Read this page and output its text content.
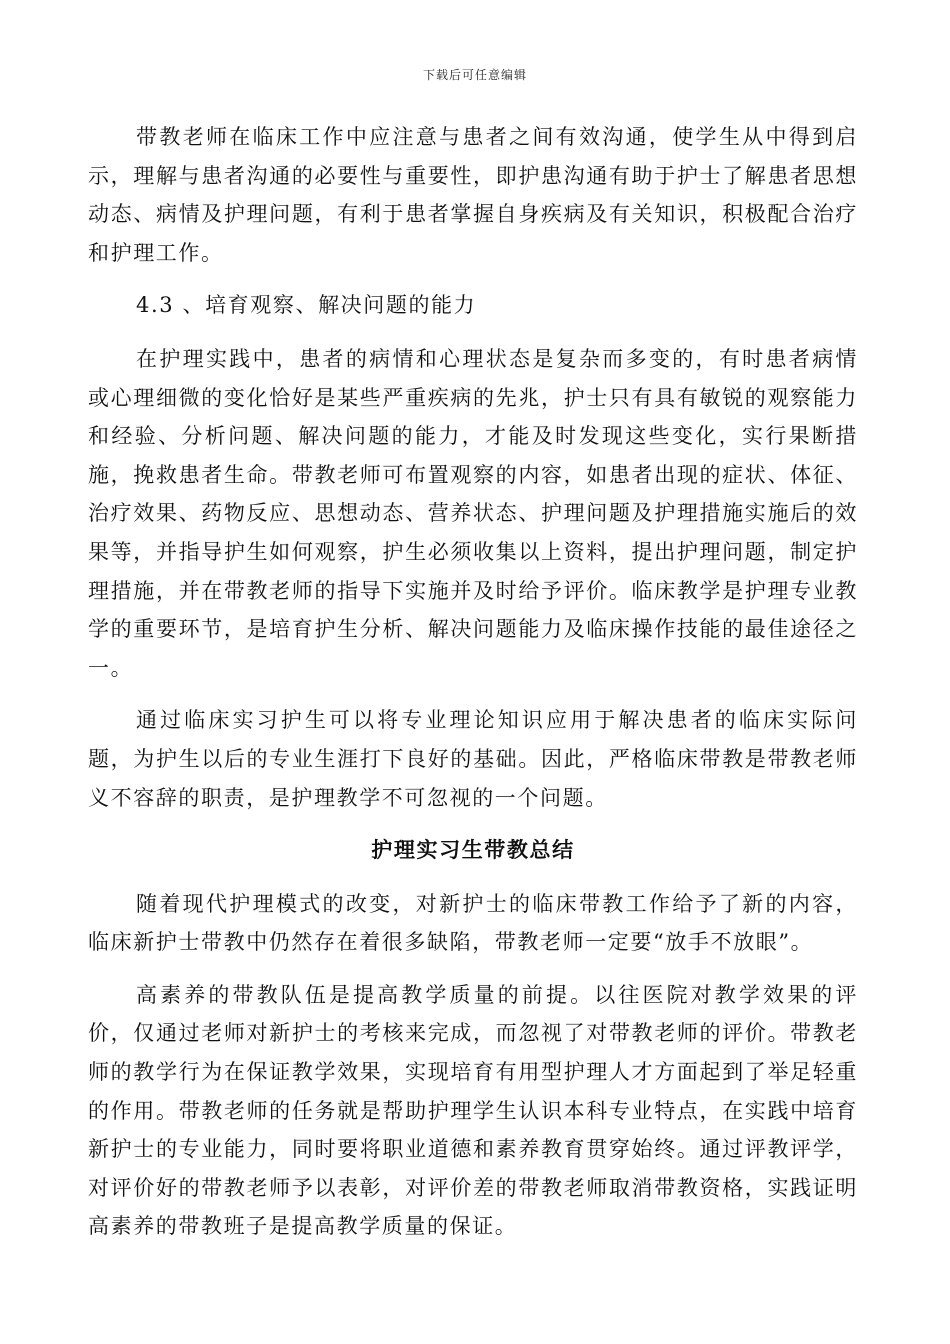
下载后可任意编辑

带教老师在临床工作中应注意与患者之间有效沟通，使学生从中得到启示，理解与患者沟通的必要性与重要性，即护患沟通有助于护士了解患者思想动态、病情及护理问题，有利于患者掌握自身疾病及有关知识，积极配合治疗和护理工作。

4.3 、培育观察、解决问题的能力

在护理实践中，患者的病情和心理状态是复杂而多变的，有时患者病情或心理细微的变化恰好是某些严重疾病的先兆，护士只有具有敏锐的观察能力和经验、分析问题、解决问题的能力，才能及时发现这些变化，实行果断措施，挽救患者生命。带教老师可布置观察的内容，如患者出现的症状、体征、治疗效果、药物反应、思想动态、营养状态、护理问题及护理措施实施后的效果等，并指导护生如何观察，护生必须收集以上资料，提出护理问题，制定护理措施，并在带教老师的指导下实施并及时给予评价。临床教学是护理专业教学的重要环节，是培育护生分析、解决问题能力及临床操作技能的最佳途径之一。

通过临床实习护生可以将专业理论知识应用于解决患者的临床实际问题，为护生以后的专业生涯打下良好的基础。因此，严格临床带教是带教老师义不容辞的职责，是护理教学不可忽视的一个问题。

护理实习生带教总结

随着现代护理模式的改变，对新护士的临床带教工作给予了新的内容，临床新护士带教中仍然存在着很多缺陷，带教老师一定要“放手不放眼”。

高素养的带教队伍是提高教学质量的前提。以往医院对教学效果的评价，仅通过老师对新护士的考核来完成，而忽视了对带教老师的评价。带教老师的教学行为在保证教学效果，实现培育有用型护理人才方面起到了举足轻重的作用。带教老师的任务就是帮助护理学生认识本科专业特点，在实践中培育新护士的专业能力，同时要将职业道德和素养教育贯穿始终。通过评教评学，对评价好的带教老师予以表彰，对评价差的带教老师取消带教资格，实践证明高素养的带教班子是提高教学质量的保证。
